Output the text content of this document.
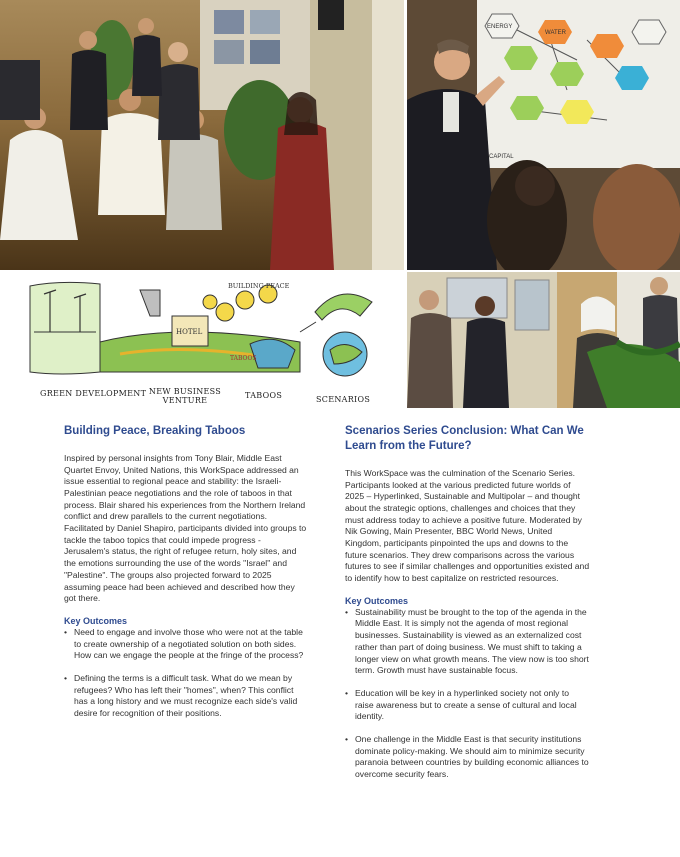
ENERGY
WATER
CAPITAL
HOTEL
BUILDING PEACE
TABOOS
GREEN DEVELOPMENT NEW BUSINESS VENTURE
TABOOS	SCENARIOS
Building Peace, Breaking Taboos

Inspired by personal insights from Tony Blair, Middle East Quartet Envoy, United Nations, this WorkSpace addressed an issue essential to regional peace and stability: the Israeli-Palestinian peace negotiations and the role of taboos in that process. Blair shared his experiences from the Northern Ireland conflict and drew parallels to the current negotiations. Facilitated by Daniel Shapiro, participants divided into groups to tackle the taboo topics that could impede progress - Jerusalem's status, the right of refugee return, holy sites, and the emotions surrounding the use of the words "Israel" and "Palestine". The groups also projected forward to 2025 assuming peace had been achieved and described how they got there.

Key Outcomes
• Need to engage and involve those who were not at the table to create ownership of a negotiated solution on both sides. How can we engage the people at the fringe of the process?
• Defining the terms is a difficult task. What do we mean by refugees? Who has left their "homes", when? This conflict has a long history and we must recognize each side's valid desire for recognition of their positions.
Scenarios Series Conclusion: What Can We Learn from the Future?

This WorkSpace was the culmination of the Scenario Series. Participants looked at the various predicted future worlds of 2025 – Hyperlinked, Sustainable and Multipolar – and thought about the strategic options, challenges and choices that they must address today to achieve a positive future. Moderated by Nik Gowing, Main Presenter, BBC World News, United Kingdom, participants pinpointed the ups and downs to the future scenarios. They drew comparisons across the various futures to see if similar challenges and opportunities existed and to identify how to best capitalize on restricted resources.

Key Outcomes
• Sustainability must be brought to the top of the agenda in the Middle East. It is simply not the agenda of most regional businesses. Sustainability is viewed as an externalized cost rather than part of doing business. We must shift to taking a longer view on what growth means. The view now is too short term. Growth must have sustainable focus.
• Education will be key in a hyperlinked society not only to raise awareness but to create a sense of cultural and local identity.
• One challenge in the Middle East is that security institutions dominate policy-making. We should aim to minimize security paranoia between countries by building economic alliances to overcome security fears.
